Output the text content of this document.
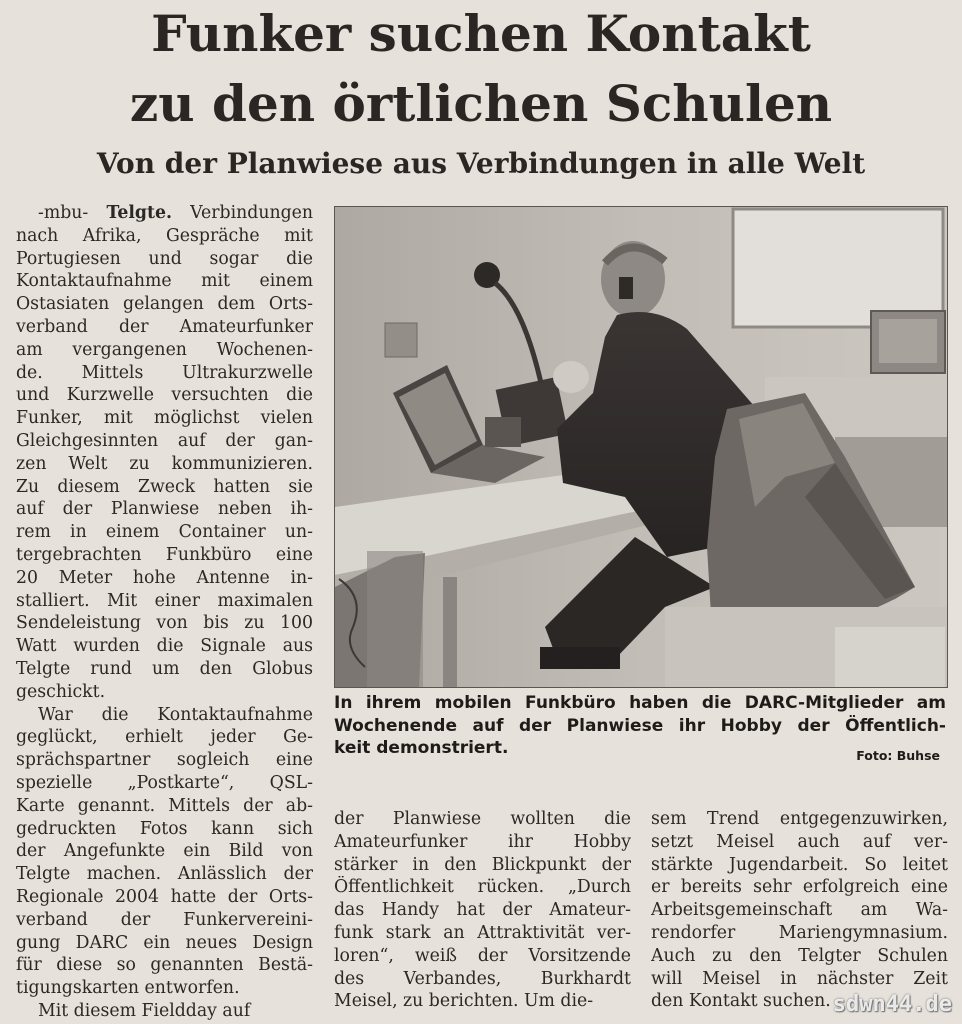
Funker suchen Kontakt
zu den örtlichen Schulen
Von der Planwiese aus Verbindungen in alle Welt
-mbu- Telgte. Verbindungen
nach Afrika, Gespräche mit
Portugiesen und sogar die
Kontaktaufnahme mit einem
Ostasiaten gelangen dem Orts-
verband der Amateurfunker
am vergangenen Wochenen-
de. Mittels Ultrakurzwelle
und Kurzwelle versuchten die
Funker, mit möglichst vielen
Gleichgesinnten auf der gan-
zen Welt zu kommunizieren.
Zu diesem Zweck hatten sie
auf der Planwiese neben ih-
rem in einem Container un-
tergebrachten Funkbüro eine
20 Meter hohe Antenne in-
stalliert. Mit einer maximalen
Sendeleistung von bis zu 100
Watt wurden die Signale aus
Telgte rund um den Globus
geschickt.
War die Kontaktaufnahme
geglückt, erhielt jeder Ge-
sprächspartner sogleich eine
spezielle „Postkarte“, QSL-
Karte genannt. Mittels der ab-
gedruckten Fotos kann sich
der Angefunkte ein Bild von
Telgte machen. Anlässlich der
Regionale 2004 hatte der Orts-
verband der Funkervereini-
gung DARC ein neues Design
für diese so genannten Bestä-
tigungskarten entworfen.
Mit diesem Fieldday auf
In ihrem mobilen Funkbüro haben die DARC-Mitglieder am
Wochenende auf der Planwiese ihr Hobby der Öffentlich-
keit demonstriert.	Foto: Buhse
der Planwiese wollten die
Amateurfunker ihr Hobby
stärker in den Blickpunkt der
Öffentlichkeit rücken. „Durch
das Handy hat der Amateur-
funk stark an Attraktivität ver-
loren“, weiß der Vorsitzende
des Verbandes, Burkhardt
Meisel, zu berichten. Um die-
sem Trend entgegenzuwirken,
setzt Meisel auch auf ver-
stärkte Jugendarbeit. So leitet
er bereits sehr erfolgreich eine
Arbeitsgemeinschaft am Wa-
rendorfer Mariengymnasium.
Auch zu den Telgter Schulen
will Meisel in nächster Zeit
den Kontakt suchen. sdwn44.de
